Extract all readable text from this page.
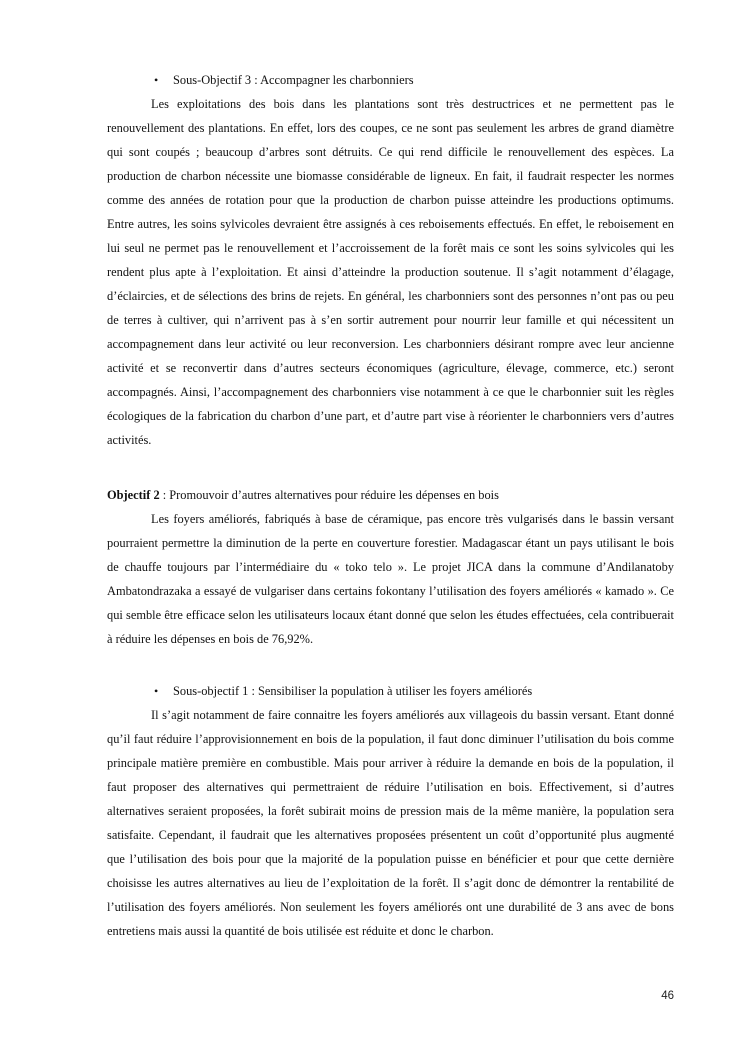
• Sous-Objectif 3 : Accompagner les charbonniers

Les exploitations des bois dans les plantations sont très destructrices et ne permettent pas le renouvellement des plantations. En effet, lors des coupes, ce ne sont pas seulement les arbres de grand diamètre qui sont coupés ; beaucoup d’arbres sont détruits. Ce qui rend difficile le renouvellement des espèces. La production de charbon nécessite une biomasse considérable de ligneux. En fait, il faudrait respecter les normes comme des années de rotation pour que la production de charbon puisse atteindre les productions optimums. Entre autres, les soins sylvicoles devraient être assignés à ces reboisements effectués. En effet, le reboisement en lui seul ne permet pas le renouvellement et l’accroissement de la forêt mais ce sont les soins sylvicoles qui les rendent plus apte à l’exploitation. Et ainsi d’atteindre la production soutenue. Il s’agit notamment d’élagage, d’éclaircies, et de sélections des brins de rejets. En général, les charbonniers sont des personnes n’ont pas ou peu de terres à cultiver, qui n’arrivent pas à s’en sortir autrement pour nourrir leur famille et qui nécessitent un accompagnement dans leur activité ou leur reconversion. Les charbonniers désirant rompre avec leur ancienne activité et se reconvertir dans d’autres secteurs économiques (agriculture, élevage, commerce, etc.) seront accompagnés. Ainsi, l’accompagnement des charbonniers vise notamment à ce que le charbonnier suit les règles écologiques de la fabrication du charbon d’une part, et d’autre part vise à réorienter le charbonniers vers d’autres activités.

Objectif 2 : Promouvoir d’autres alternatives pour réduire les dépenses en bois

Les foyers améliorés, fabriqués à base de céramique, pas encore très vulgarisés dans le bassin versant pourraient permettre la diminution de la perte en couverture forestier. Madagascar étant un pays utilisant le bois de chauffe toujours par l’intermédiaire du « toko telo ». Le projet JICA dans la commune d’Andilanatoby Ambatondrazaka a essayé de vulgariser dans certains fokontany l’utilisation des foyers améliorés « kamado ». Ce qui semble être efficace selon les utilisateurs locaux étant donné que selon les études effectuées, cela contribuerait à réduire les dépenses en bois de 76,92%.

• Sous-objectif 1 : Sensibiliser la population à utiliser les foyers améliorés

Il s’agit notamment de faire connaitre les foyers améliorés aux villageois du bassin versant. Etant donné qu’il faut réduire l’approvisionnement en bois de la population, il faut donc diminuer l’utilisation du bois comme principale matière première en combustible. Mais pour arriver à réduire la demande en bois de la population, il faut proposer des alternatives qui permettraient de réduire l’utilisation en bois. Effectivement, si d’autres alternatives seraient proposées, la forêt subirait moins de pression mais de la même manière, la population sera satisfaite. Cependant, il faudrait que les alternatives proposées présentent un coût d’opportunité plus augmenté que l’utilisation des bois pour que la majorité de la population puisse en bénéficier et pour que cette dernière choisisse les autres alternatives au lieu de l’exploitation de la forêt. Il s’agit donc de démontrer la rentabilité de l’utilisation des foyers améliorés. Non seulement les foyers améliorés ont une durabilité de 3 ans avec de bons entretiens mais aussi la quantité de bois utilisée est réduite et donc le charbon.

46
